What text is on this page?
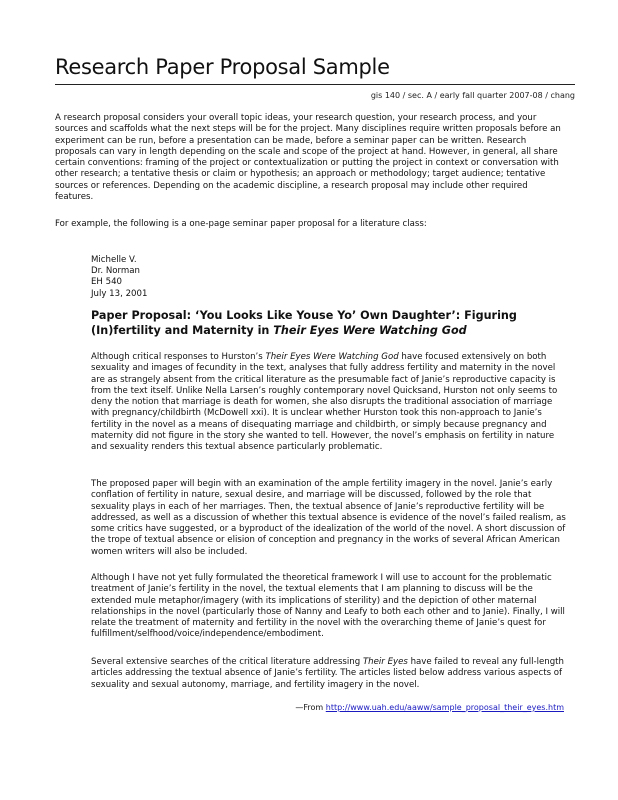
Research Paper Proposal Sample
gis 140 / sec. A / early fall quarter 2007-08 / chang

A research proposal considers your overall topic ideas, your research question, your research process, and your sources and scaffolds what the next steps will be for the project. Many disciplines require written proposals before an experiment can be run, before a presentation can be made, before a seminar paper can be written. Research proposals can vary in length depending on the scale and scope of the project at hand. However, in general, all share certain conventions: framing of the project or contextualization or putting the project in context or conversation with other research; a tentative thesis or claim or hypothesis; an approach or methodology; target audience; tentative sources or references. Depending on the academic discipline, a research proposal may include other required features.

For example, the following is a one-page seminar paper proposal for a literature class:

Michelle V.
Dr. Norman
EH 540
July 13, 2001

Paper Proposal: ‘You Looks Like Youse Yo’ Own Daughter’: Figuring (In)fertility and Maternity in Their Eyes Were Watching God

Although critical responses to Hurston’s Their Eyes Were Watching God have focused extensively on both sexuality and images of fecundity in the text, analyses that fully address fertility and maternity in the novel are as strangely absent from the critical literature as the presumable fact of Janie’s reproductive capacity is from the text itself. Unlike Nella Larsen’s roughly contemporary novel Quicksand, Hurston not only seems to deny the notion that marriage is death for women, she also disrupts the traditional association of marriage with pregnancy/childbirth (McDowell xxi). It is unclear whether Hurston took this non-approach to Janie’s fertility in the novel as a means of disequating marriage and childbirth, or simply because pregnancy and maternity did not figure in the story she wanted to tell. However, the novel’s emphasis on fertility in nature and sexuality renders this textual absence particularly problematic.

The proposed paper will begin with an examination of the ample fertility imagery in the novel. Janie’s early conflation of fertility in nature, sexual desire, and marriage will be discussed, followed by the role that sexuality plays in each of her marriages. Then, the textual absence of Janie’s reproductive fertility will be addressed, as well as a discussion of whether this textual absence is evidence of the novel’s failed realism, as some critics have suggested, or a byproduct of the idealization of the world of the novel. A short discussion of the trope of textual absence or elision of conception and pregnancy in the works of several African American women writers will also be included.

Although I have not yet fully formulated the theoretical framework I will use to account for the problematic treatment of Janie’s fertility in the novel, the textual elements that I am planning to discuss will be the extended mule metaphor/imagery (with its implications of sterility) and the depiction of other maternal relationships in the novel (particularly those of Nanny and Leafy to both each other and to Janie). Finally, I will relate the treatment of maternity and fertility in the novel with the overarching theme of Janie’s quest for fulfillment/selfhood/voice/independence/embodiment.

Several extensive searches of the critical literature addressing Their Eyes have failed to reveal any full-length articles addressing the textual absence of Janie’s fertility. The articles listed below address various aspects of sexuality and sexual autonomy, marriage, and fertility imagery in the novel.

—From http://www.uah.edu/aaww/sample_proposal_their_eyes.htm
